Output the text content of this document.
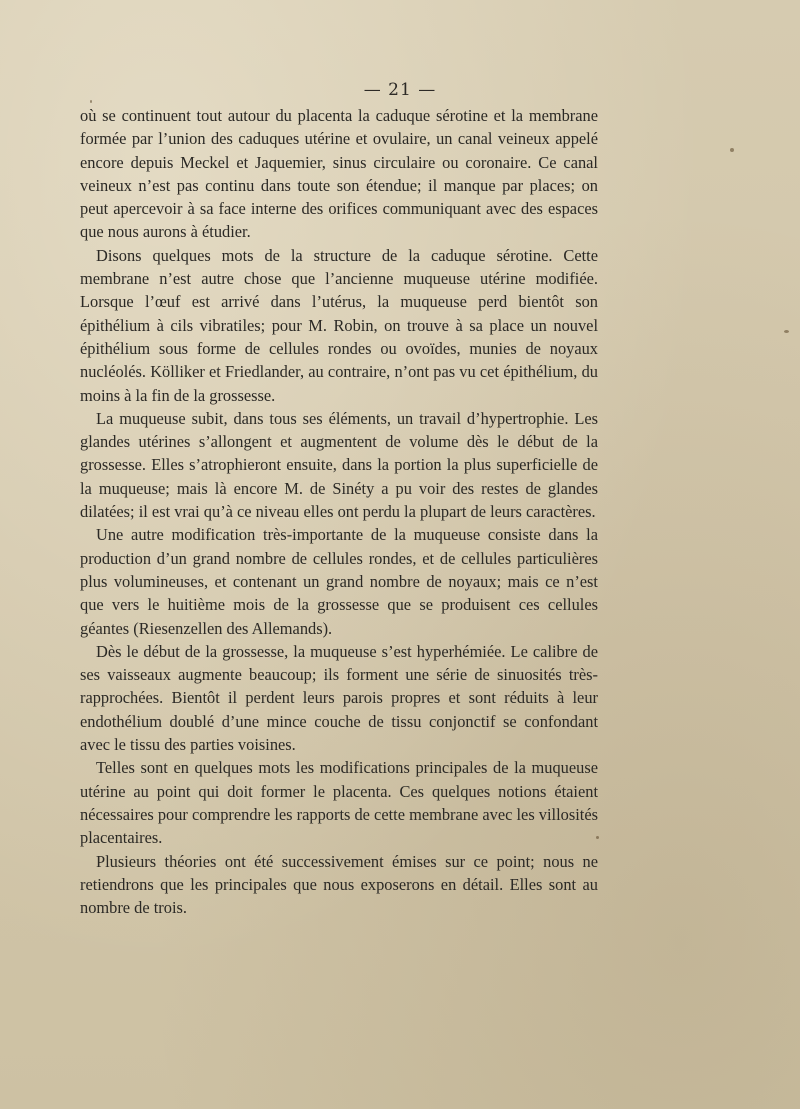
— 21 —

où se continuent tout autour du placenta la caduque sérotine et la membrane formée par l’union des caduques utérine et ovulaire, un canal veineux appelé encore depuis Meckel et Jaquemier, sinus circulaire ou coronaire. Ce canal veineux n’est pas continu dans toute son étendue; il manque par places; on peut apercevoir à sa face interne des orifices communiquant avec des espaces que nous aurons à étudier.

Disons quelques mots de la structure de la caduque sérotine. Cette membrane n’est autre chose que l’ancienne muqueuse utérine modifiée. Lorsque l’œuf est arrivé dans l’utérus, la muqueuse perd bientôt son épithélium à cils vibratiles; pour M. Robin, on trouve à sa place un nouvel épithélium sous forme de cellules rondes ou ovoïdes, munies de noyaux nucléolés. Kölliker et Friedlander, au contraire, n’ont pas vu cet épithélium, du moins à la fin de la grossesse.

La muqueuse subit, dans tous ses éléments, un travail d’hypertrophie. Les glandes utérines s’allongent et augmentent de volume dès le début de la grossesse. Elles s’atrophieront ensuite, dans la portion la plus superficielle de la muqueuse; mais là encore M. de Sinéty a pu voir des restes de glandes dilatées; il est vrai qu’à ce niveau elles ont perdu la plupart de leurs caractères.

Une autre modification très-importante de la muqueuse consiste dans la production d’un grand nombre de cellules rondes, et de cellules particulières plus volumineuses, et contenant un grand nombre de noyaux; mais ce n’est que vers le huitième mois de la grossesse que se produisent ces cellules géantes (Riesenzellen des Allemands).

Dès le début de la grossesse, la muqueuse s’est hyperhémiée. Le calibre de ses vaisseaux augmente beaucoup; ils forment une série de sinuosités très-rapprochées. Bientôt il perdent leurs parois propres et sont réduits à leur endothélium doublé d’une mince couche de tissu conjonctif se confondant avec le tissu des parties voisines.

Telles sont en quelques mots les modifications principales de la muqueuse utérine au point qui doit former le placenta. Ces quelques notions étaient nécessaires pour comprendre les rapports de cette membrane avec les villosités placentaires.

Plusieurs théories ont été successivement émises sur ce point; nous ne retiendrons que les principales que nous exposerons en détail. Elles sont au nombre de trois.
